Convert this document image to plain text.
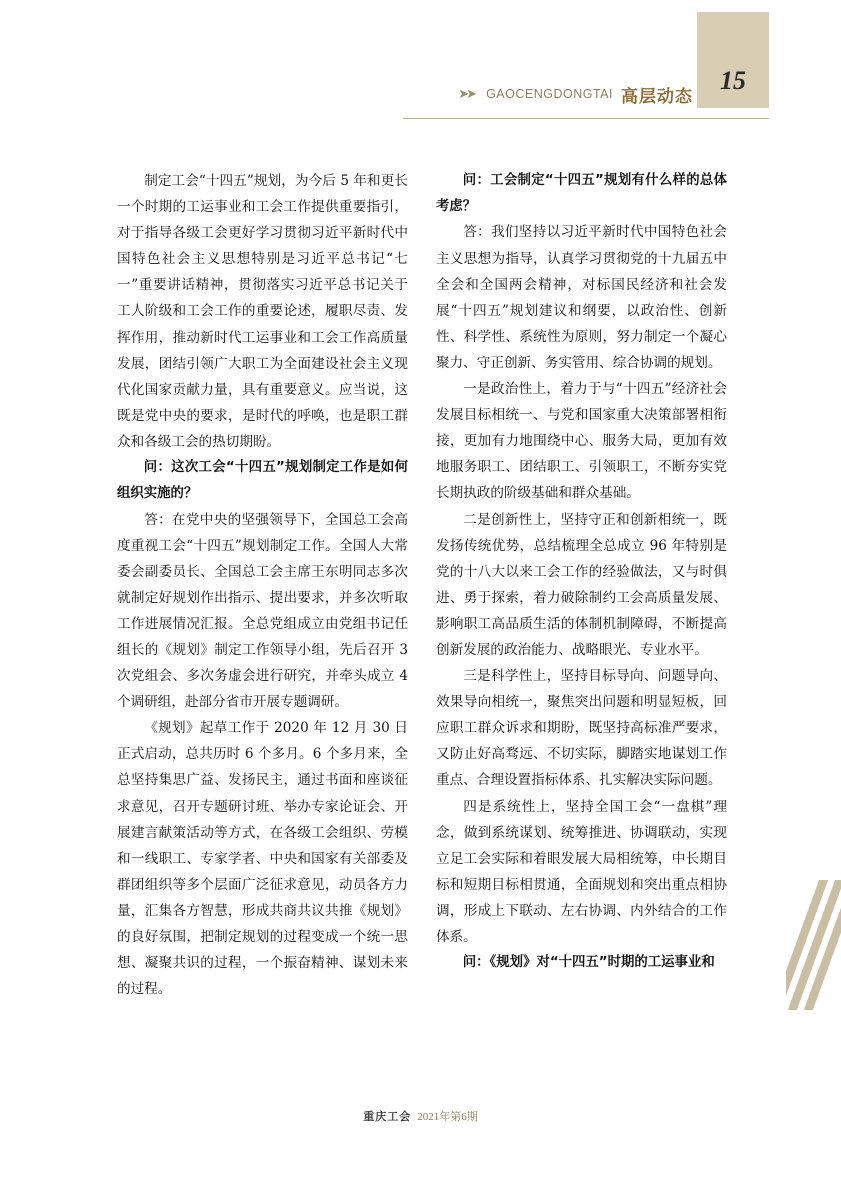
15
➤➤ GAOCENGDONGTAI 高层动态

制定工会“十四五”规划，为今后 5 年和更长一个时期的工运事业和工会工作提供重要指引，对于指导各级工会更好学习贯彻习近平新时代中国特色社会主义思想特别是习近平总书记“七一”重要讲话精神，贯彻落实习近平总书记关于工人阶级和工会工作的重要论述，履职尽责、发挥作用，推动新时代工运事业和工会工作高质量发展，团结引领广大职工为全面建设社会主义现代化国家贡献力量，具有重要意义。应当说，这既是党中央的要求，是时代的呼唤，也是职工群众和各级工会的热切期盼。

问：这次工会“十四五”规划制定工作是如何组织实施的？

答：在党中央的坚强领导下，全国总工会高度重视工会“十四五”规划制定工作。全国人大常委会副委员长、全国总工会主席王东明同志多次就制定好规划作出指示、提出要求，并多次听取工作进展情况汇报。全总党组成立由党组书记任组长的《规划》制定工作领导小组，先后召开 3 次党组会、多次务虚会进行研究，并牵头成立 4 个调研组，赴部分省市开展专题调研。

《规划》起草工作于 2020 年 12 月 30 日正式启动，总共历时 6 个多月。6 个多月来，全总坚持集思广益、发扬民主，通过书面和座谈征求意见，召开专题研讨班、举办专家论证会、开展建言献策活动等方式，在各级工会组织、劳模和一线职工、专家学者、中央和国家有关部委及群团组织等多个层面广泛征求意见，动员各方力量，汇集各方智慧，形成共商共议共推《规划》的良好氛围，把制定规划的过程变成一个统一思想、凝聚共识的过程，一个振奋精神、谋划未来的过程。

问：工会制定“十四五”规划有什么样的总体考虑？

答：我们坚持以习近平新时代中国特色社会主义思想为指导，认真学习贯彻党的十九届五中全会和全国两会精神，对标国民经济和社会发展“十四五”规划建议和纲要，以政治性、创新性、科学性、系统性为原则，努力制定一个凝心聚力、守正创新、务实管用、综合协调的规划。

一是政治性上，着力于与“十四五”经济社会发展目标相统一、与党和国家重大决策部署相衔接，更加有力地围绕中心、服务大局，更加有效地服务职工、团结职工、引领职工，不断夯实党长期执政的阶级基础和群众基础。

二是创新性上，坚持守正和创新相统一，既发扬传统优势，总结梳理全总成立 96 年特别是党的十八大以来工会工作的经验做法，又与时俱进、勇于探索，着力破除制约工会高质量发展、影响职工高品质生活的体制机制障碍，不断提高创新发展的政治能力、战略眼光、专业水平。

三是科学性上，坚持目标导向、问题导向、效果导向相统一，聚焦突出问题和明显短板，回应职工群众诉求和期盼，既坚持高标准严要求，又防止好高骛远、不切实际，脚踏实地谋划工作重点、合理设置指标体系、扎实解决实际问题。

四是系统性上，坚持全国工会“一盘棋”理念，做到系统谋划、统筹推进、协调联动，实现立足工会实际和着眼发展大局相统筹，中长期目标和短期目标相贯通，全面规划和突出重点相协调，形成上下联动、左右协调、内外结合的工作体系。

问：《规划》对“十四五”时期的工运事业和

重庆工会 2021年第6期
